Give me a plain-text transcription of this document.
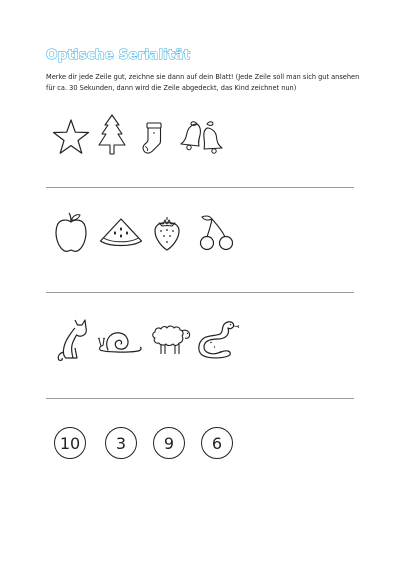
Optische Serialität

Merke dir jede Zeile gut, zeichne sie dann auf dein Blatt! (Jede Zeile soll man sich gut ansehen für ca. 30 Sekunden, dann wird die Zeile abgedeckt, das Kind zeichnet nun)

10	3	9	6
